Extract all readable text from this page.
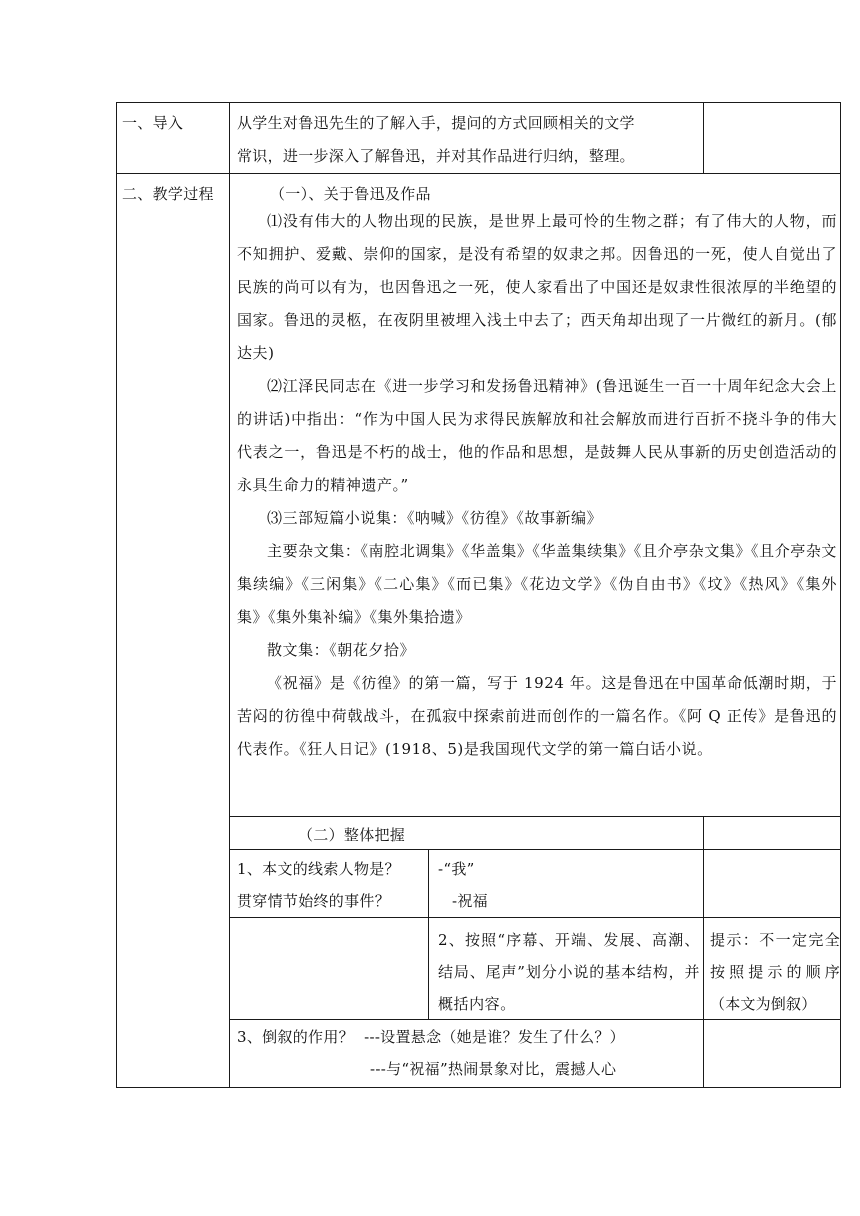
一、导入	从学生对鲁迅先生的了解入手，提问的方式回顾相关的文学
常识，进一步深入了解鲁迅，并对其作品进行归纳，整理。
二、教学过程	（一）、关于鲁迅及作品

⑴没有伟大的人物出现的民族，是世界上最可怜的生物之群；有了伟大的人物，而不知拥护、爱戴、崇仰的国家，是没有希望的奴隶之邦。因鲁迅的一死，使人自觉出了民族的尚可以有为，也因鲁迅之一死，使人家看出了中国还是奴隶性很浓厚的半绝望的国家。鲁迅的灵柩，在夜阴里被埋入浅土中去了；西天角却出现了一片微红的新月。(郁达夫)

⑵江泽民同志在《进一步学习和发扬鲁迅精神》(鲁迅诞生一百一十周年纪念大会上的讲话)中指出：“作为中国人民为求得民族解放和社会解放而进行百折不挠斗争的伟大代表之一，鲁迅是不朽的战士，他的作品和思想，是鼓舞人民从事新的历史创造活动的永具生命力的精神遗产。”

⑶三部短篇小说集：《呐喊》《彷徨》《故事新编》

主要杂文集：《南腔北调集》《华盖集》《华盖集续集》《且介亭杂文集》《且介亭杂文集续编》《三闲集》《二心集》《而已集》《花边文学》《伪自由书》《坟》《热风》《集外集》《集外集补编》《集外集拾遗》

散文集：《朝花夕拾》

《祝福》是《彷徨》的第一篇，写于 1924 年。这是鲁迅在中国革命低潮时期，于苦闷的彷徨中荷戟战斗，在孤寂中探索前进而创作的一篇名作。《阿 Q 正传》是鲁迅的代表作。《狂人日记》(1918、5)是我国现代文学的第一篇白话小说。

（二）整体把握
1、本文的线索人物是？
贯穿情节始终的事件？
-“我”
-祝福
2、按照“序幕、开端、发展、高潮、结局、尾声”划分小说的基本结构，并概括内容。
提示：不一定完全按照提示的顺序（本文为倒叙）
3、倒叙的作用？  ---设置悬念（她是谁？发生了什么？）
---与“祝福”热闹景象对比，震撼人心
